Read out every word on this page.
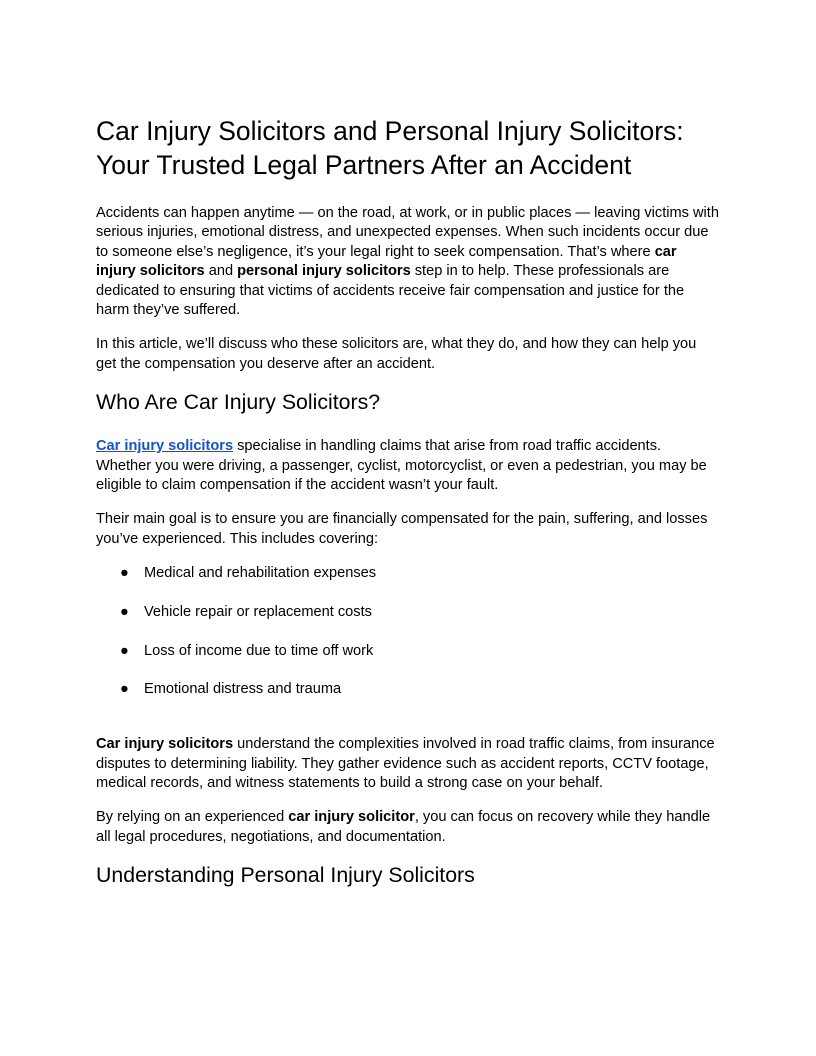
Car Injury Solicitors and Personal Injury Solicitors:
Your Trusted Legal Partners After an Accident

Accidents can happen anytime — on the road, at work, or in public places — leaving victims with serious injuries, emotional distress, and unexpected expenses. When such incidents occur due to someone else’s negligence, it’s your legal right to seek compensation. That’s where car injury solicitors and personal injury solicitors step in to help. These professionals are dedicated to ensuring that victims of accidents receive fair compensation and justice for the harm they’ve suffered.

In this article, we’ll discuss who these solicitors are, what they do, and how they can help you get the compensation you deserve after an accident.

Who Are Car Injury Solicitors?

Car injury solicitors specialise in handling claims that arise from road traffic accidents. Whether you were driving, a passenger, cyclist, motorcyclist, or even a pedestrian, you may be eligible to claim compensation if the accident wasn’t your fault.

Their main goal is to ensure you are financially compensated for the pain, suffering, and losses you’ve experienced. This includes covering:

● Medical and rehabilitation expenses
● Vehicle repair or replacement costs
● Loss of income due to time off work
● Emotional distress and trauma

Car injury solicitors understand the complexities involved in road traffic claims, from insurance disputes to determining liability. They gather evidence such as accident reports, CCTV footage, medical records, and witness statements to build a strong case on your behalf.

By relying on an experienced car injury solicitor, you can focus on recovery while they handle all legal procedures, negotiations, and documentation.

Understanding Personal Injury Solicitors
